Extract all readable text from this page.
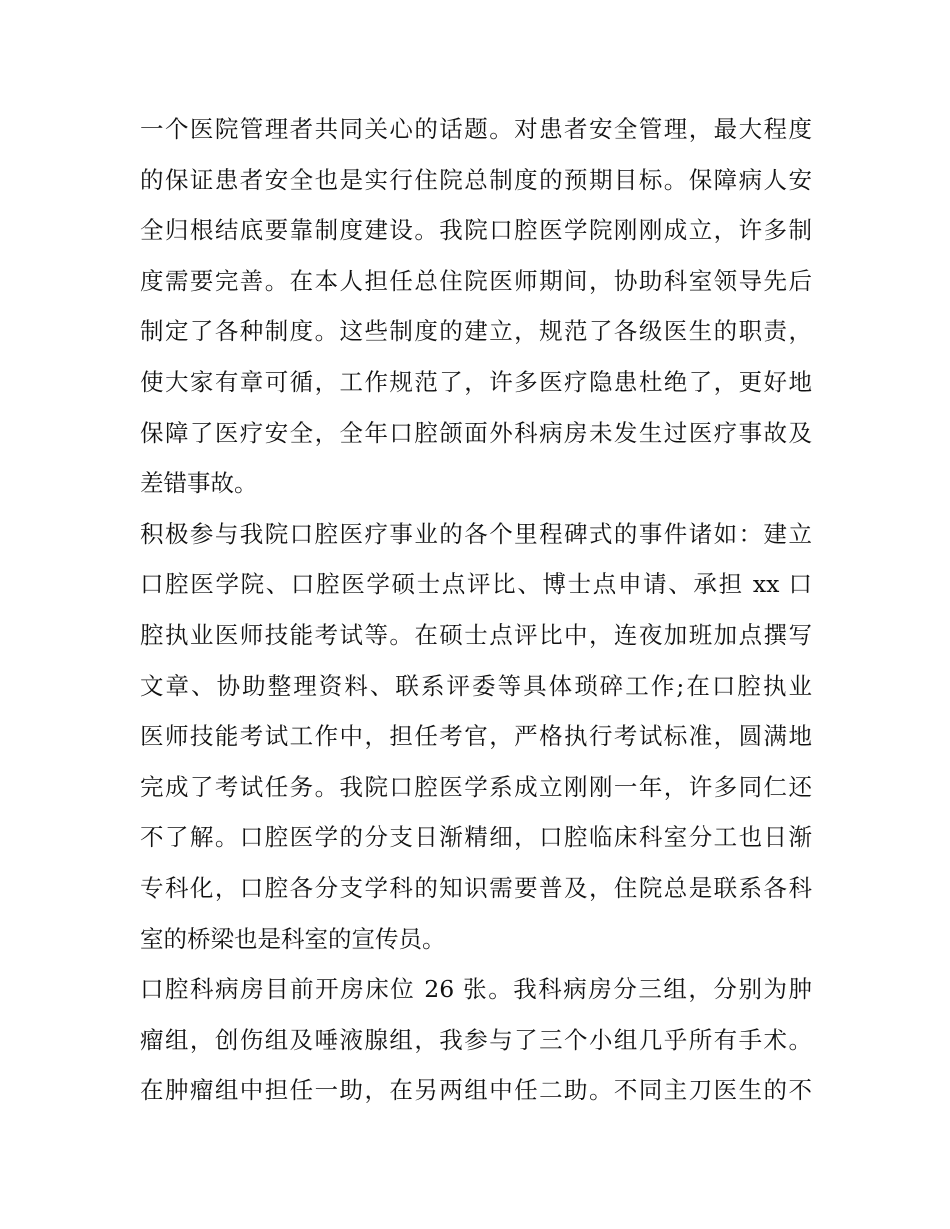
一个医院管理者共同关心的话题。对患者安全管理，最大程度
的保证患者安全也是实行住院总制度的预期目标。保障病人安
全归根结底要靠制度建设。我院口腔医学院刚刚成立，许多制
度需要完善。在本人担任总住院医师期间，协助科室领导先后
制定了各种制度。这些制度的建立，规范了各级医生的职责，
使大家有章可循，工作规范了，许多医疗隐患杜绝了，更好地
保障了医疗安全，全年口腔颌面外科病房未发生过医疗事故及
差错事故。
积极参与我院口腔医疗事业的各个里程碑式的事件诸如：建立
口腔医学院、口腔医学硕士点评比、博士点申请、承担 xx 口
腔执业医师技能考试等。在硕士点评比中，连夜加班加点撰写
文章、协助整理资料、联系评委等具体琐碎工作;在口腔执业
医师技能考试工作中，担任考官，严格执行考试标准，圆满地
完成了考试任务。我院口腔医学系成立刚刚一年，许多同仁还
不了解。口腔医学的分支日渐精细，口腔临床科室分工也日渐
专科化，口腔各分支学科的知识需要普及，住院总是联系各科
室的桥梁也是科室的宣传员。
口腔科病房目前开房床位 26 张。我科病房分三组，分别为肿
瘤组，创伤组及唾液腺组，我参与了三个小组几乎所有手术。
在肿瘤组中担任一助，在另两组中任二助。不同主刀医生的不
